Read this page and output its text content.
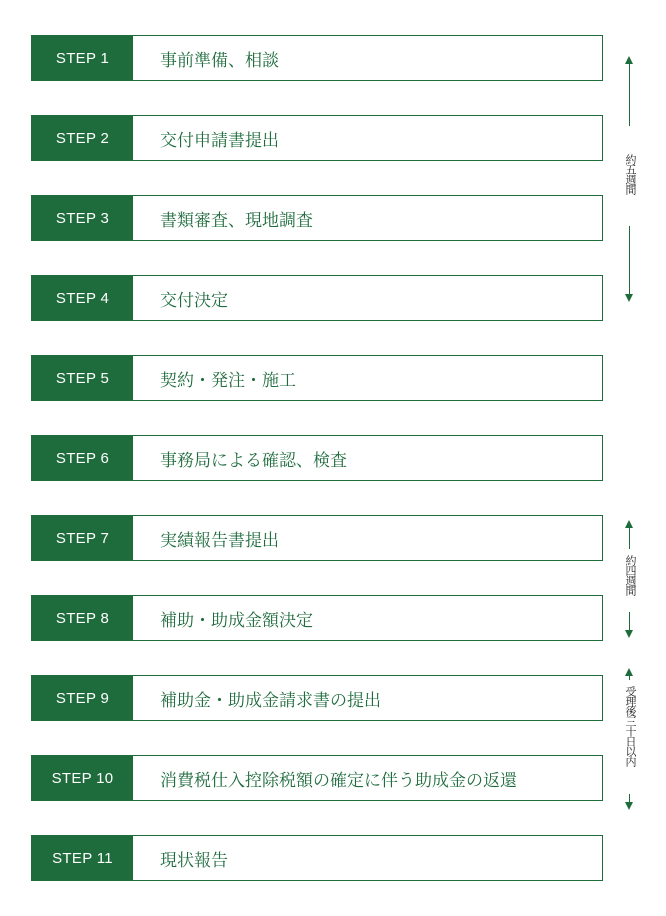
STEP 1	事前準備、相談
STEP 2	交付申請書提出
STEP 3	書類審査、現地調査
STEP 4	交付決定
STEP 5	契約・発注・施工
STEP 6	事務局による確認、検査
STEP 7	実績報告書提出
STEP 8	補助・助成金額決定
STEP 9	補助金・助成金請求書の提出
STEP 10	消費税仕入控除税額の確定に伴う助成金の返還
STEP 11	現状報告
約五週間
約四週間
受理後三十日以内
